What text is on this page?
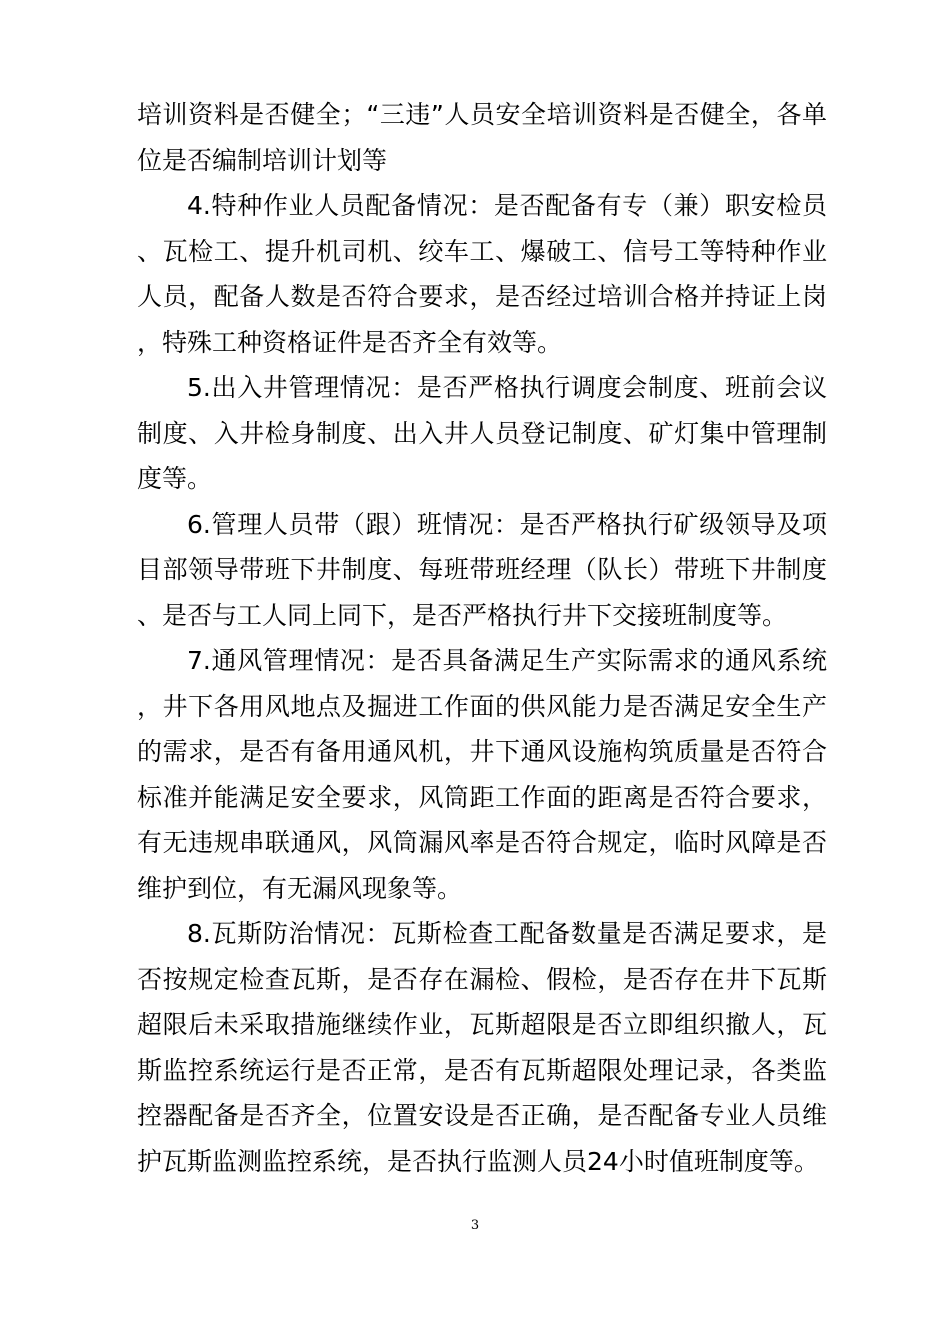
培训资料是否健全；“三违”人员安全培训资料是否健全，各单位是否编制培训计划等

4.特种作业人员配备情况：是否配备有专（兼）职安检员、瓦检工、提升机司机、绞车工、爆破工、信号工等特种作业人员，配备人数是否符合要求，是否经过培训合格并持证上岗，特殊工种资格证件是否齐全有效等。

5.出入井管理情况：是否严格执行调度会制度、班前会议制度、入井检身制度、出入井人员登记制度、矿灯集中管理制度等。

6.管理人员带（跟）班情况：是否严格执行矿级领导及项目部领导带班下井制度、每班带班经理（队长）带班下井制度、是否与工人同上同下，是否严格执行井下交接班制度等。

7.通风管理情况：是否具备满足生产实际需求的通风系统，井下各用风地点及掘进工作面的供风能力是否满足安全生产的需求，是否有备用通风机，井下通风设施构筑质量是否符合标准并能满足安全要求，风筒距工作面的距离是否符合要求，有无违规串联通风，风筒漏风率是否符合规定，临时风障是否维护到位，有无漏风现象等。

8.瓦斯防治情况：瓦斯检查工配备数量是否满足要求，是否按规定检查瓦斯，是否存在漏检、假检，是否存在井下瓦斯超限后未采取措施继续作业，瓦斯超限是否立即组织撤人，瓦斯监控系统运行是否正常，是否有瓦斯超限处理记录，各类监控器配备是否齐全，位置安设是否正确，是否配备专业人员维护瓦斯监测监控系统，是否执行监测人员24小时值班制度等。

3
